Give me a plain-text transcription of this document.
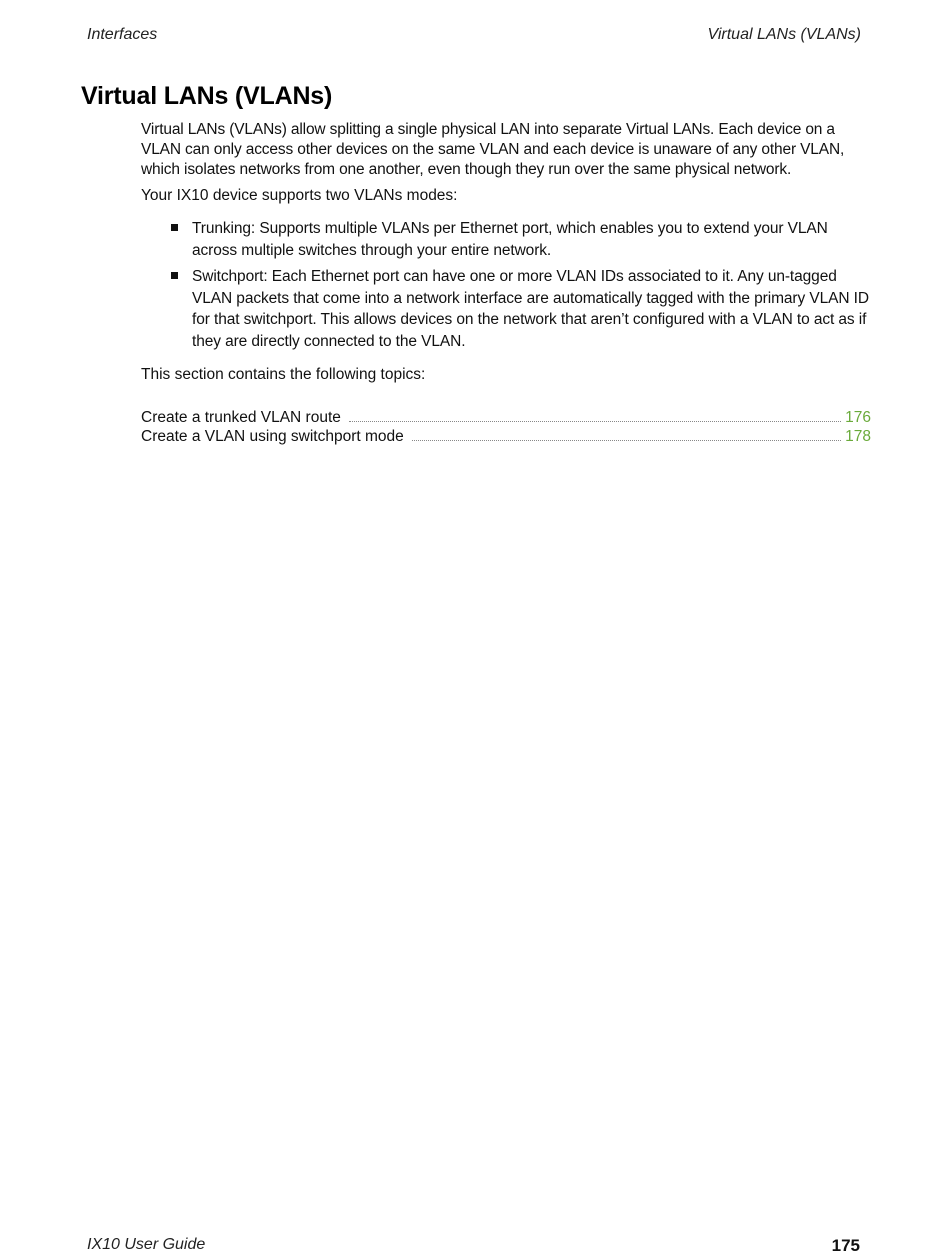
Interfaces	Virtual LANs (VLANs)
Virtual LANs (VLANs)

Virtual LANs (VLANs) allow splitting a single physical LAN into separate Virtual LANs. Each device on a VLAN can only access other devices on the same VLAN and each device is unaware of any other VLAN, which isolates networks from one another, even though they run over the same physical network.

Your IX10 device supports two VLANs modes:

Trunking: Supports multiple VLANs per Ethernet port, which enables you to extend your VLAN across multiple switches through your entire network.
Switchport: Each Ethernet port can have one or more VLAN IDs associated to it. Any un-tagged VLAN packets that come into a network interface are automatically tagged with the primary VLAN ID for that switchport. This allows devices on the network that aren’t configured with a VLAN to act as if they are directly connected to the VLAN.

This section contains the following topics:

Create a trunked VLAN route	176
Create a VLAN using switchport mode	178
IX10 User Guide	175
